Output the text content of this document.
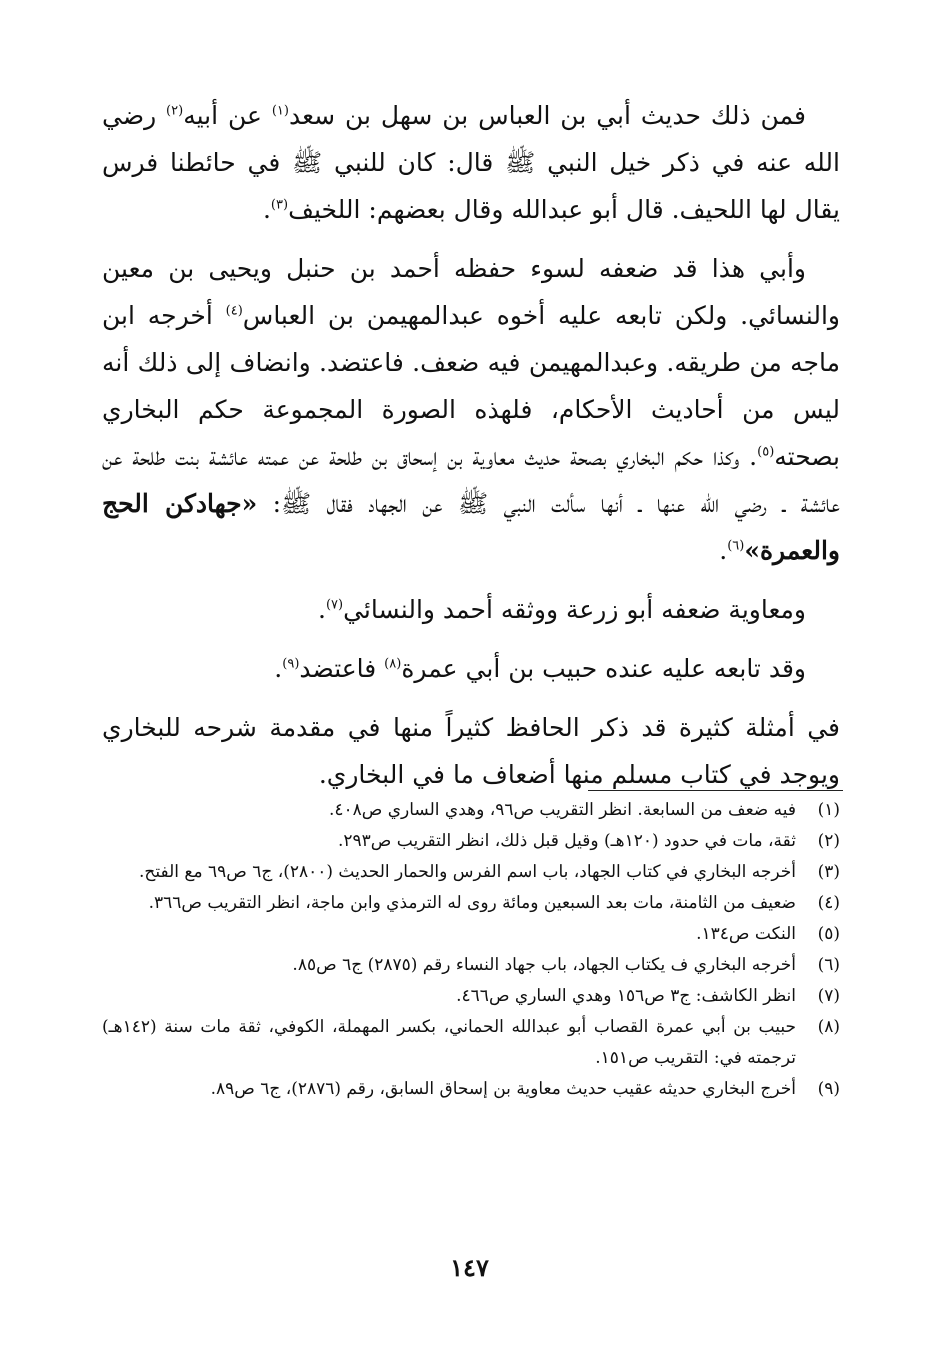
فمن ذلك حديث أبي بن العباس بن سهل بن سعد$^{(١)}$ عن أبيه$^{(٢)}$ رضي الله عنه في ذكر خيل النبي ﷺ قال: كان للنبي ﷺ في حائطنا فرس يقال لها اللحيف. قال أبو عبدالله وقال بعضهم: اللخيف$^{(٣)}$.

وأبي هذا قد ضعفه لسوء حفظه أحمد بن حنبل ويحيى بن معين والنسائي. ولكن تابعه عليه أخوه عبدالمهيمن بن العباس$^{(٤)}$ أخرجه ابن ماجه من طريقه. وعبدالمهيمن فيه ضعف. فاعتضد. وانضاف إلى ذلك أنه ليس من أحاديث الأحكام، فلهذه الصورة المجموعة حكم البخاري بصحته$^{(٥)}$. وكذا حكم البخاري بصحة حديث معاوية بن إسحاق بن طلحة عن عمته عائشة بنت طلحة عن عائشة ـ رضي الله عنها ـ أنها سألت النبي ﷺ عن الجهاد فقال ﷺ: «جهادكن الحج والعمرة»$^{(٦)}$.

ومعاوية ضعفه أبو زرعة ووثقه أحمد والنسائي$^{(٧)}$.

وقد تابعه عليه عنده حبيب بن أبي عمرة$^{(٨)}$ فاعتضد$^{(٩)}$.

في أمثلة كثيرة قد ذكر الحافظ كثيراً منها في مقدمة شرحه للبخاري ويوجد في كتاب مسلم منها أضعاف ما في البخاري.

(١)
فيه ضعف من السابعة. انظر التقريب ص٩٦، وهدي الساري ص٤٠٨.
(٢)
ثقة، مات في حدود (١٢٠هـ) وقيل قبل ذلك، انظر التقريب ص٢٩٣.
(٣)
أخرجه البخاري في كتاب الجهاد، باب اسم الفرس والحمار الحديث (٢٨٠٠)، ج٦ ص٦٩ مع الفتح.
(٤)
ضعيف من الثامنة، مات بعد السبعين ومائة روى له الترمذي وابن ماجة، انظر التقريب ص٣٦٦.
(٥)
النكت ص١٣٤.
(٦)
أخرجه البخاري ف يكتاب الجهاد، باب جهاد النساء رقم (٢٨٧٥) ج٦ ص٨٥.
(٧)
انظر الكاشف: ج٣ ص١٥٦ وهدي الساري ص٤٦٦.
(٨)
حبيب بن أبي عمرة القصاب أبو عبدالله الحماني، بكسر المهملة، الكوفي، ثقة مات سنة (١٤٢هـ) ترجمته في: التقريب ص١٥١.
(٩)
أخرج البخاري حديثه عقيب حديث معاوية بن إسحاق السابق، رقم (٢٨٧٦)، ج٦ ص٨٩.
١٤٧
